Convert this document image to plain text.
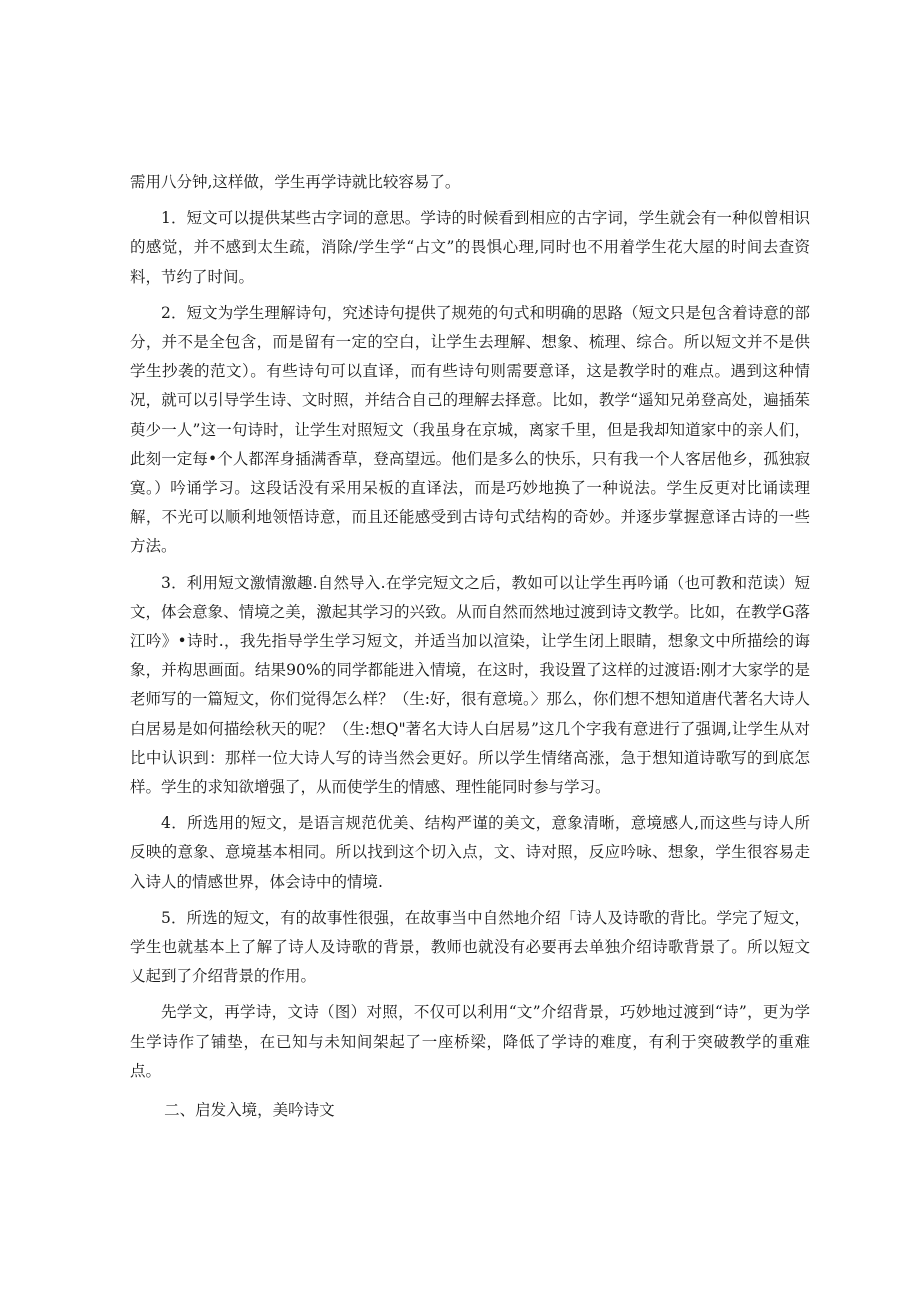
需用八分钟,这样做，学生再学诗就比较容易了。

1．短文可以提供某些古字词的意思。学诗的时候看到相应的古字词，学生就会有一种似曾相识的感觉，并不感到太生疏，消除/学生学“占文”的畏惧心理,同时也不用着学生花大屋的时间去查资料，节约了时间。

2．短文为学生理解诗句，究述诗句提供了规苑的句式和明确的思路（短文只是包含着诗意的部分，并不是全包含，而是留有一定的空白，让学生去理解、想象、梳理、综合。所以短文并不是供学生抄袭的范文）。有些诗句可以直译，而有些诗句则需要意译，这是教学时的难点。遇到这种情况，就可以引导学生诗、文时照，并结合自己的理解去择意。比如，教学“遥知兄弟登高处，遍插茱萸少一人”这一句诗时，让学生对照短文（我虽身在京城，离家千里，但是我却知道家中的亲人们，此刻一定每•个人都浑身插满香草，登高望远。他们是多么的快乐，只有我一个人客居他乡，孤独寂寞。）吟诵学习。这段话没有采用呆板的直译法，而是巧妙地换了一种说法。学生反更对比诵读理解，不光可以顺利地领悟诗意，而且还能感受到古诗句式结构的奇妙。并逐步掌握意译古诗的一些方法。

3．利用短文激情激趣.自然导入.在学完短文之后，教如可以让学生再吟诵（也可教和范读）短文，体会意象、情境之美，激起其学习的兴致。从而自然而然地过渡到诗文教学。比如，在教学G落江吟》•诗时.，我先指导学生学习短文，并适当加以渲染，让学生闭上眼睛，想象文中所描绘的诲象，并构思画面。结果90%的同学都能进入情境，在这时，我设置了这样的过渡语:刚才大家学的是老师写的一篇短文，你们觉得怎么样？（生:好，很有意境。〉那么，你们想不想知道唐代著名大诗人白居易是如何描绘秋天的呢？（生:想Q"著名大诗人白居易”这几个字我有意进行了强调,让学生从对比中认识到：那样一位大诗人写的诗当然会更好。所以学生情绪高涨，急于想知道诗歌写的到底怎样。学生的求知欲增强了，从而使学生的情感、理性能同时参与学习。

4．所选用的短文，是语言规范优美、结构严谨的美文，意象清晰，意境感人,而这些与诗人所反映的意象、意境基本相同。所以找到这个切入点，文、诗对照，反应吟咏、想象，学生很容易走入诗人的情感世界，体会诗中的情境.

5．所选的短文，有的故事性很强，在故事当中自然地介绍「诗人及诗歌的背比。学完了短文，学生也就基本上了解了诗人及诗歌的背景，教师也就没有必要再去单独介绍诗歌背景了。所以短文乂起到了介绍背景的作用。

先学文，再学诗，文诗（图）对照，不仅可以利用“文”介绍背景，巧妙地过渡到“诗”，更为学生学诗作了铺垫，在已知与未知间架起了一座桥梁，降低了学诗的难度，有利于突破教学的重难点。

二、启发入境，美吟诗文
